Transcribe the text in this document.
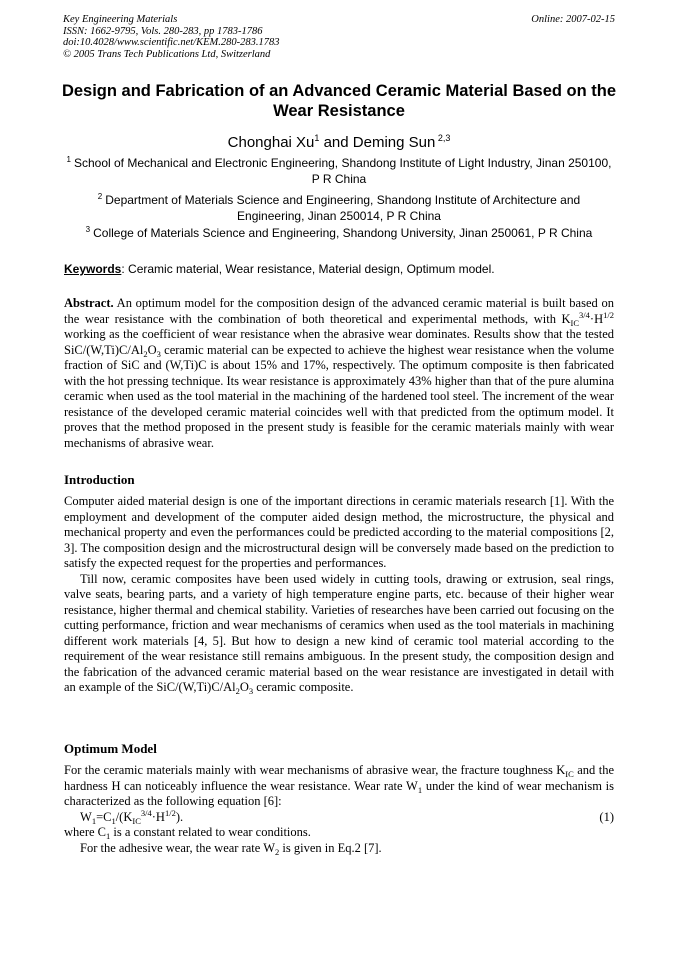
Key Engineering Materials
ISSN: 1662-9795, Vols. 280-283, pp 1783-1786
doi:10.4028/www.scientific.net/KEM.280-283.1783
© 2005 Trans Tech Publications Ltd, Switzerland
Online: 2007-02-15
Design and Fabrication of an Advanced Ceramic Material Based on the Wear Resistance
Chonghai Xu$^1$ and Deming Sun $^{2,3}$
$^1$ School of Mechanical and Electronic Engineering, Shandong Institute of Light Industry, Jinan 250100, P R China
$^2$ Department of Materials Science and Engineering, Shandong Institute of Architecture and Engineering, Jinan 250014, P R China
$^3$ College of Materials Science and Engineering, Shandong University, Jinan 250061, P R China
Keywords: Ceramic material, Wear resistance, Material design, Optimum model.

Abstract. An optimum model for the composition design of the advanced ceramic material is built based on the wear resistance with the combination of both theoretical and experimental methods, with $K_{IC}^{3/4}\cdot H^{1/2}$ working as the coefficient of wear resistance when the abrasive wear dominates. Results show that the tested SiC/$(W,Ti)C/Al_2O_3$ ceramic material can be expected to achieve the highest wear resistance when the volume fraction of SiC and (W,Ti)C is about 15% and 17%, respectively. The optimum composite is then fabricated with the hot pressing technique. Its wear resistance is approximately 43% higher than that of the pure alumina ceramic when used as the tool material in the machining of the hardened tool steel. The increment of the wear resistance of the developed ceramic material coincides well with that predicted from the optimum model. It proves that the method proposed in the present study is feasible for the ceramic materials mainly with wear mechanisms of abrasive wear.

Introduction

Computer aided material design is one of the important directions in ceramic materials research [1]. With the employment and development of the computer aided design method, the microstructure, the physical and mechanical property and even the performances could be predicted according to the material compositions [2, 3]. The composition design and the microstructural design will be conversely made based on the prediction to satisfy the expected request for the properties and performances.

Till now, ceramic composites have been used widely in cutting tools, drawing or extrusion, seal rings, valve seats, bearing parts, and a variety of high temperature engine parts, etc. because of their higher wear resistance, higher thermal and chemical stability. Varieties of researches have been carried out focusing on the cutting performance, friction and wear mechanisms of ceramics when used as the tool materials in machining different work materials [4, 5]. But how to design a new kind of ceramic tool material according to the requirement of the wear resistance still remains ambiguous. In the present study, the composition design and the fabrication of the advanced ceramic material based on the wear resistance are investigated in detail with an example of the SiC/$(W,Ti)C/Al_2O_3$ ceramic composite.

Optimum Model

For the ceramic materials mainly with wear mechanisms of abrasive wear, the fracture toughness $K_{IC}$ and the hardness H can noticeably influence the wear resistance. Wear rate $W_1$ under the kind of wear mechanism is characterized as the following equation [6]:

$W_1=C_1/(K_{IC}^{3/4}\cdot H^{1/2})$.	(1)

where $C_1$ is a constant related to wear conditions.

For the adhesive wear, the wear rate $W_2$ is given in Eq.2 [7].
